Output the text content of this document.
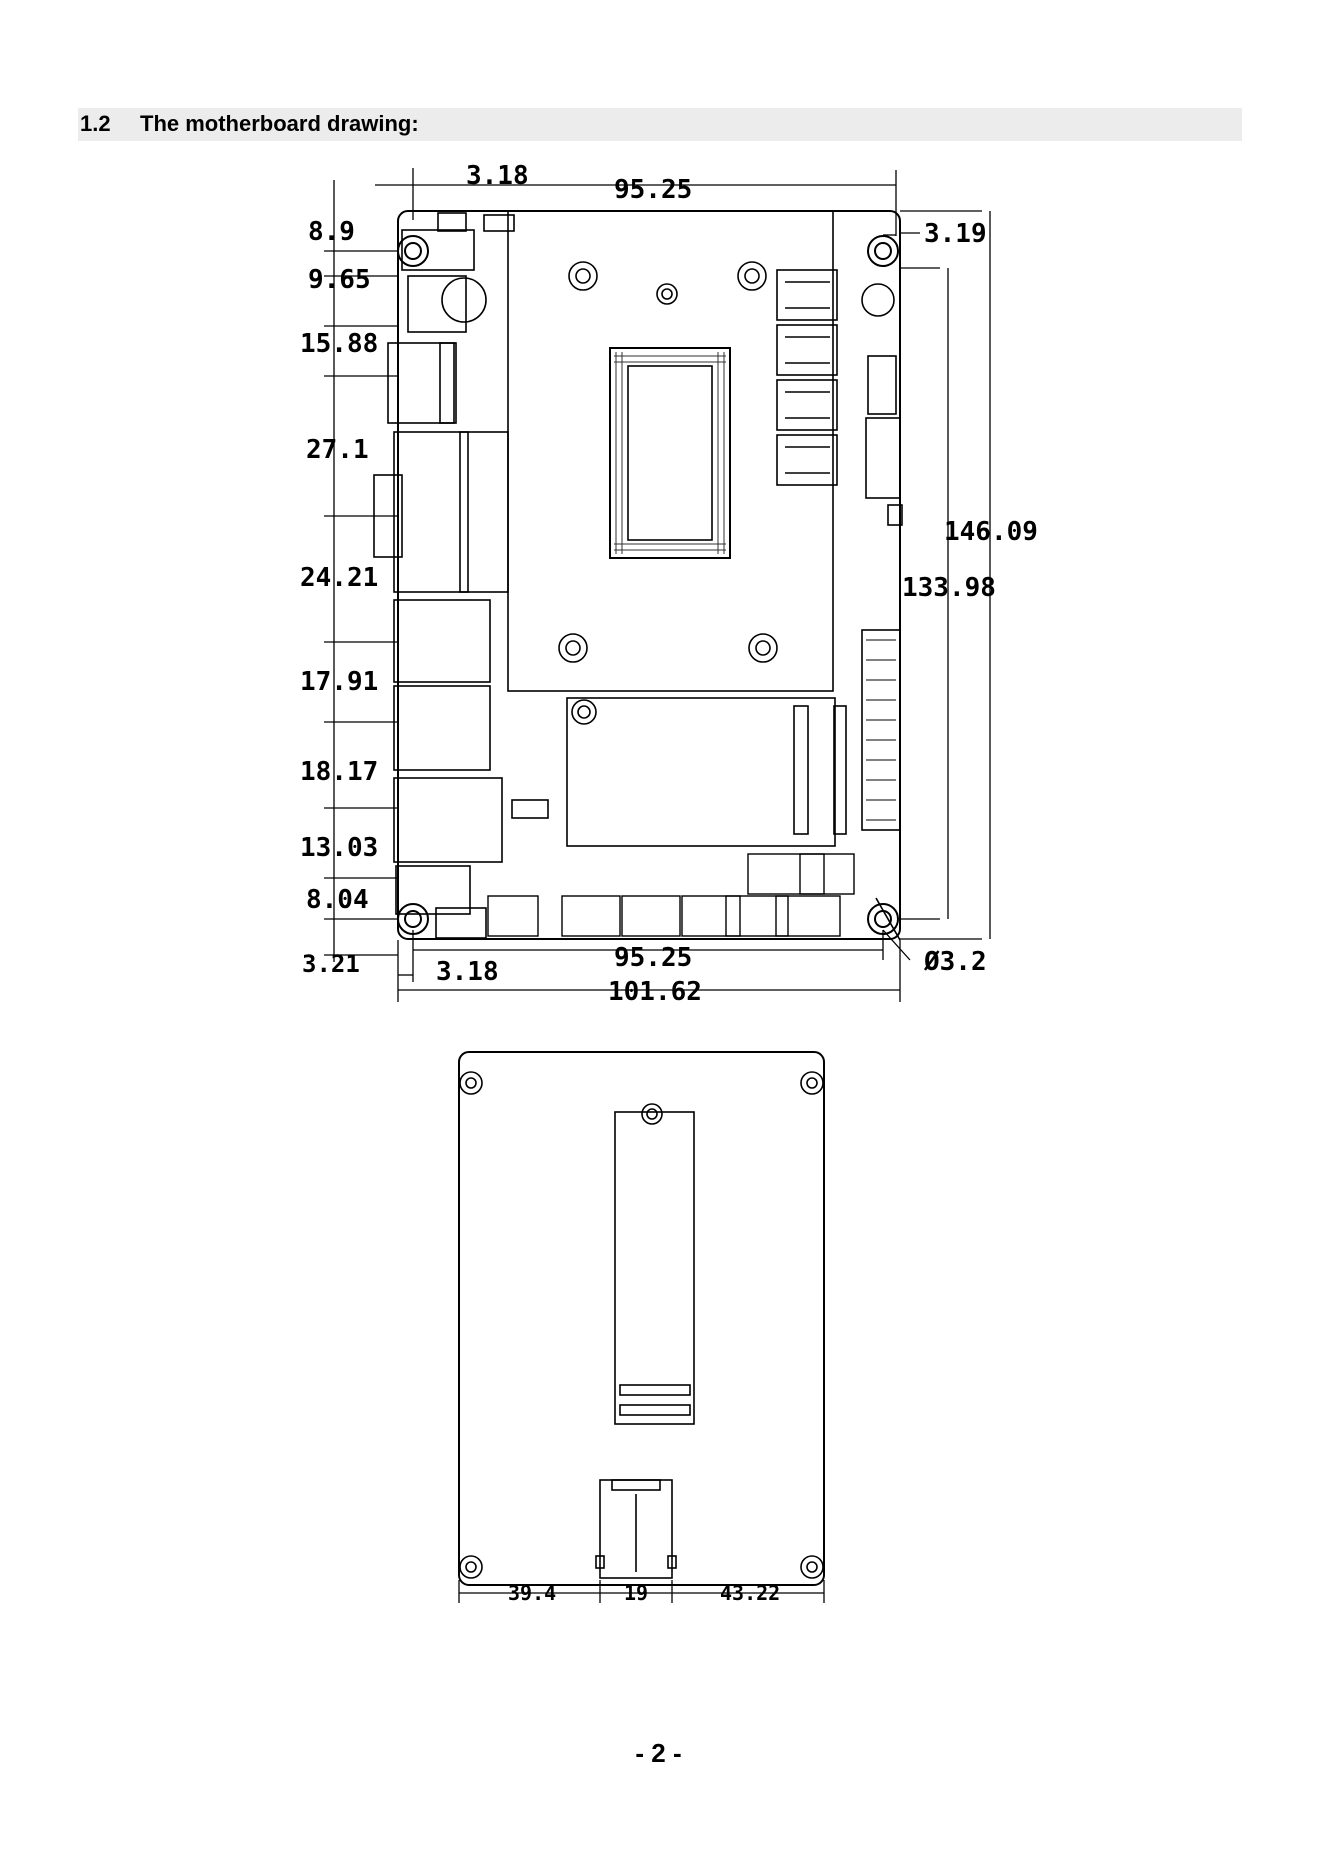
1.2 The motherboard drawing:
3.18	95.25
3.19
8.9
9.65
15.88
27.1
24.21
17.91
18.17
13.03
8.04
3.21	3.18	95.25
101.62
133.98
146.09
Ø3.2
39.4	19	43.22
- 2 -
